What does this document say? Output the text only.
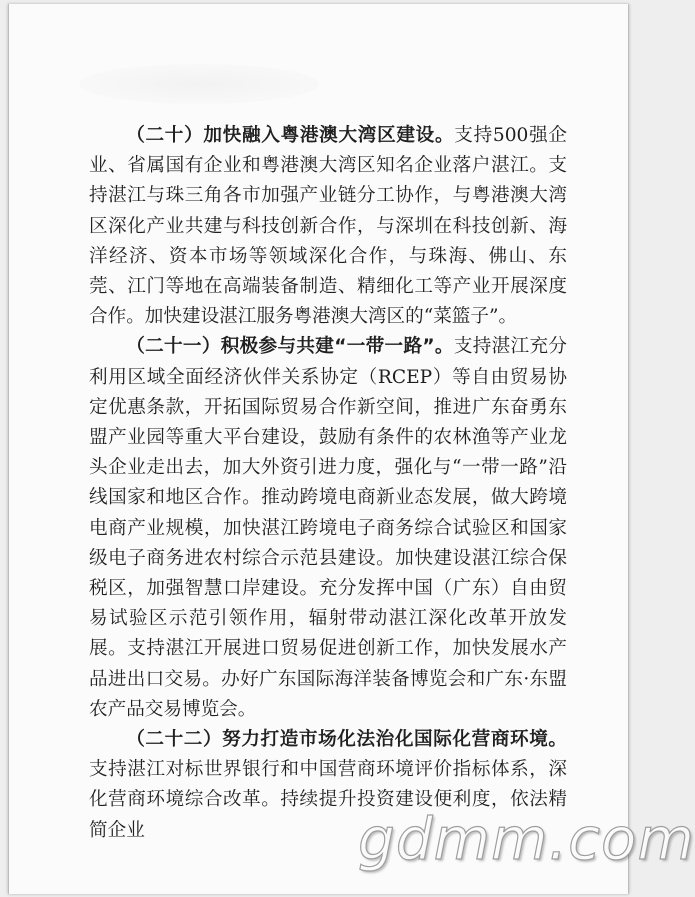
（二十）加快融入粤港澳大湾区建设。支持500强企业、省属国有企业和粤港澳大湾区知名企业落户湛江。支持湛江与珠三角各市加强产业链分工协作，与粤港澳大湾区深化产业共建与科技创新合作，与深圳在科技创新、海洋经济、资本市场等领域深化合作，与珠海、佛山、东莞、江门等地在高端装备制造、精细化工等产业开展深度合作。加快建设湛江服务粤港澳大湾区的“菜篮子”。

（二十一）积极参与共建“一带一路”。支持湛江充分利用区域全面经济伙伴关系协定（RCEP）等自由贸易协定优惠条款，开拓国际贸易合作新空间，推进广东奋勇东盟产业园等重大平台建设，鼓励有条件的农林渔等产业龙头企业走出去，加大外资引进力度，强化与“一带一路”沿线国家和地区合作。推动跨境电商新业态发展，做大跨境电商产业规模，加快湛江跨境电子商务综合试验区和国家级电子商务进农村综合示范县建设。加快建设湛江综合保税区，加强智慧口岸建设。充分发挥中国（广东）自由贸易试验区示范引领作用，辐射带动湛江深化改革开放发展。支持湛江开展进口贸易促进创新工作，加快发展水产品进出口交易。办好广东国际海洋装备博览会和广东·东盟农产品交易博览会。

（二十二）努力打造市场化法治化国际化营商环境。支持湛江对标世界银行和中国营商环境评价指标体系，深化营商环境综合改革。持续提升投资建设便利度，依法精简企业	gdmm.com
